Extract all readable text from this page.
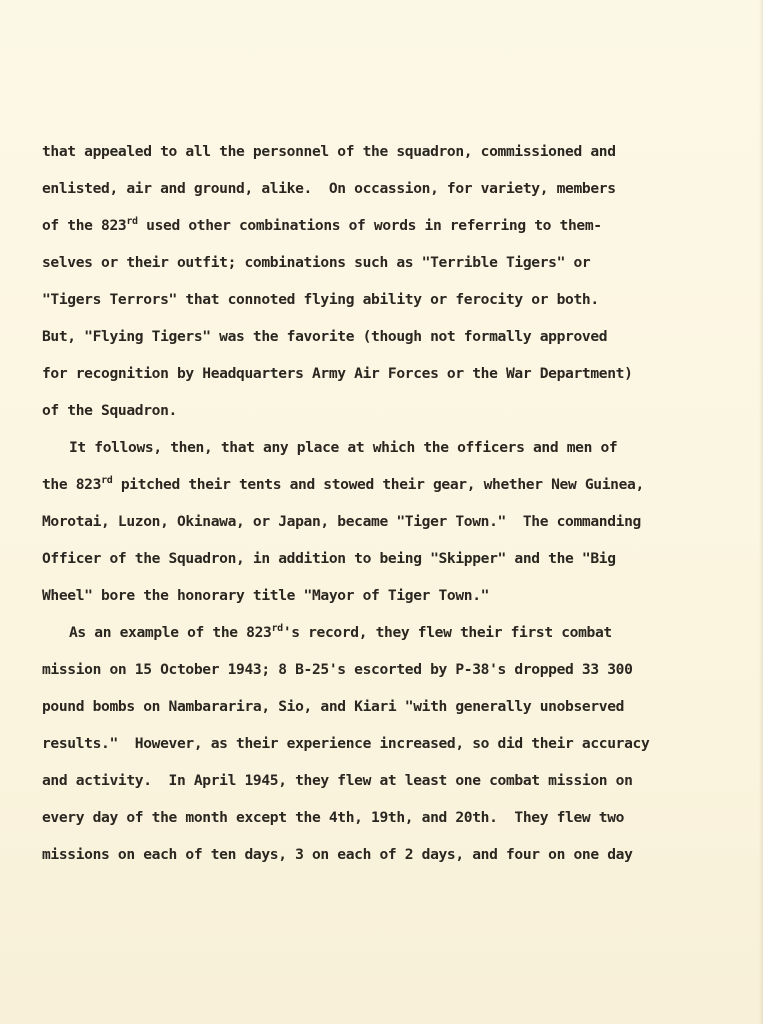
that appealed to all the personnel of the squadron, commissioned and
enlisted, air and ground, alike.  On occassion, for variety, members
of the 823rd used other combinations of words in referring to them-
selves or their outfit; combinations such as "Terrible Tigers" or
"Tigers Terrors" that connoted flying ability or ferocity or both.
But, "Flying Tigers" was the favorite (though not formally approved
for recognition by Headquarters Army Air Forces or the War Department)
of the Squadron.
It follows, then, that any place at which the officers and men of
the 823rd pitched their tents and stowed their gear, whether New Guinea,
Morotai, Luzon, Okinawa, or Japan, became "Tiger Town."  The commanding
Officer of the Squadron, in addition to being "Skipper" and the "Big
Wheel" bore the honorary title "Mayor of Tiger Town."
As an example of the 823rd's record, they flew their first combat
mission on 15 October 1943; 8 B-25's escorted by P-38's dropped 33 300
pound bombs on Nambararira, Sio, and Kiari "with generally unobserved
results."  However, as their experience increased, so did their accuracy
and activity.  In April 1945, they flew at least one combat mission on
every day of the month except the 4th, 19th, and 20th.  They flew two
missions on each of ten days, 3 on each of 2 days, and four on one day
